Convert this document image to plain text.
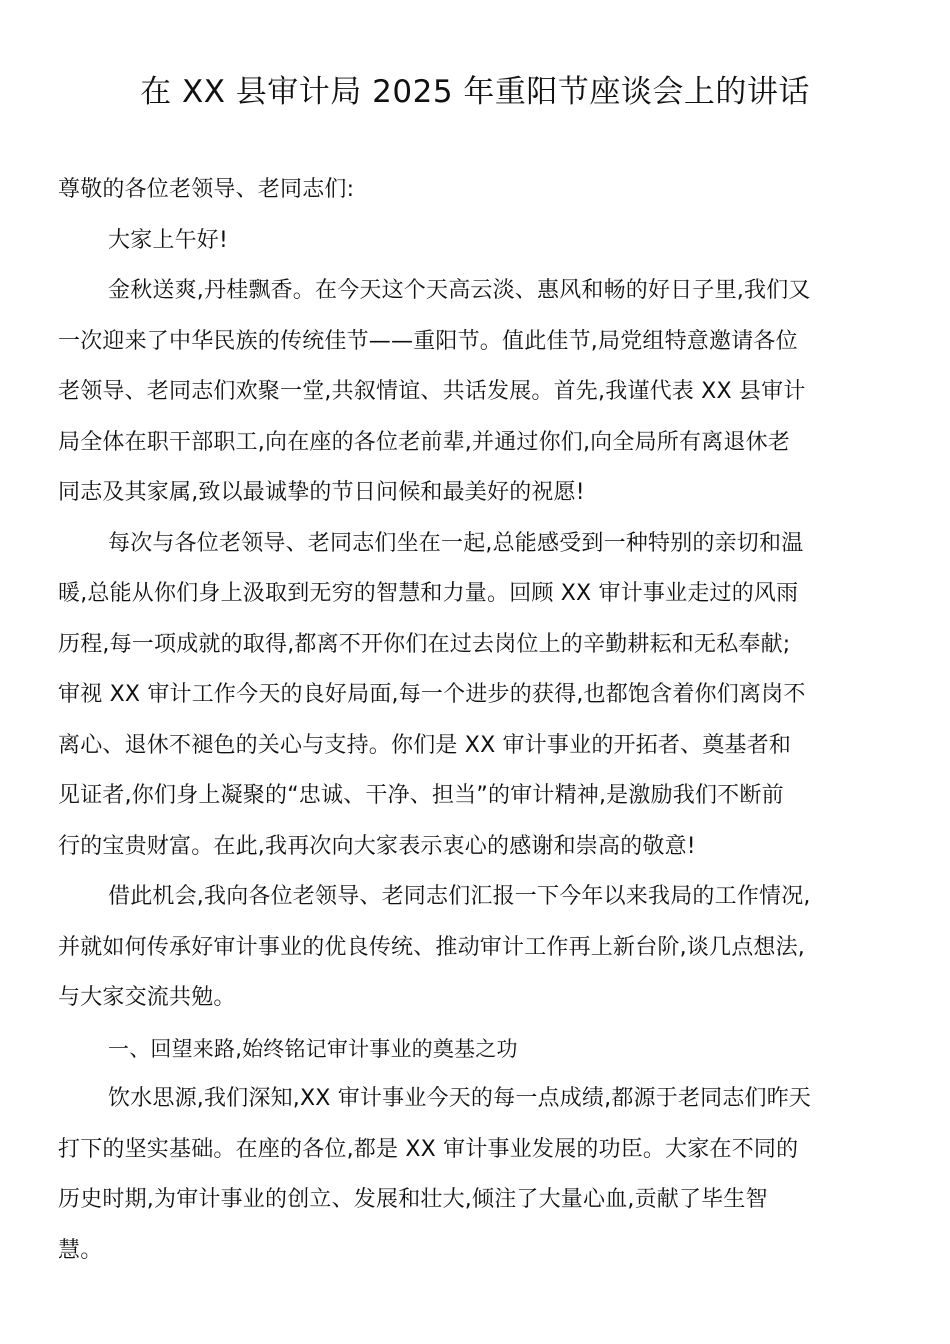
在 XX 县审计局 2025 年重阳节座谈会上的讲话
尊敬的各位老领导、老同志们:
大家上午好!
金秋送爽,丹桂飘香。在今天这个天高云淡、惠风和畅的好日子里,我们又
一次迎来了中华民族的传统佳节——重阳节。值此佳节,局党组特意邀请各位
老领导、老同志们欢聚一堂,共叙情谊、共话发展。首先,我谨代表 XX 县审计
局全体在职干部职工,向在座的各位老前辈,并通过你们,向全局所有离退休老
同志及其家属,致以最诚挚的节日问候和最美好的祝愿!
每次与各位老领导、老同志们坐在一起,总能感受到一种特别的亲切和温
暖,总能从你们身上汲取到无穷的智慧和力量。回顾 XX 审计事业走过的风雨
历程,每一项成就的取得,都离不开你们在过去岗位上的辛勤耕耘和无私奉献;
审视 XX 审计工作今天的良好局面,每一个进步的获得,也都饱含着你们离岗不
离心、退休不褪色的关心与支持。你们是 XX 审计事业的开拓者、奠基者和
见证者,你们身上凝聚的“忠诚、干净、担当”的审计精神,是激励我们不断前
行的宝贵财富。在此,我再次向大家表示衷心的感谢和崇高的敬意!
借此机会,我向各位老领导、老同志们汇报一下今年以来我局的工作情况,
并就如何传承好审计事业的优良传统、推动审计工作再上新台阶,谈几点想法,
与大家交流共勉。
一、回望来路,始终铭记审计事业的奠基之功
饮水思源,我们深知,XX 审计事业今天的每一点成绩,都源于老同志们昨天
打下的坚实基础。在座的各位,都是 XX 审计事业发展的功臣。大家在不同的
历史时期,为审计事业的创立、发展和壮大,倾注了大量心血,贡献了毕生智
慧。
